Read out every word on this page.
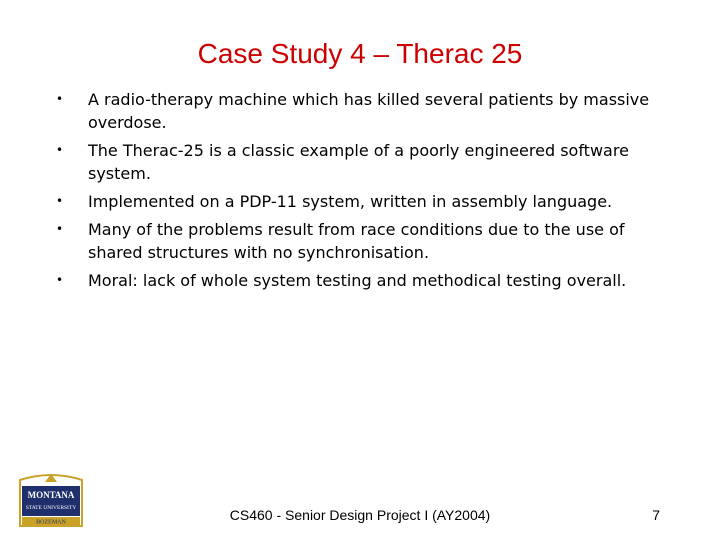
Case Study 4 – Therac 25
•	A radio-therapy machine which has killed several patients by massive overdose.
•	The Therac-25 is a classic example of a poorly engineered software system.
•	Implemented on a PDP-11 system, written in assembly language.
•	Many of the problems result from race conditions due to the use of shared structures with no synchronisation.
•	Moral: lack of whole system testing and methodical testing overall.
MONTANA
STATE UNIVERSITY
BOZEMAN	CS460 - Senior Design Project I (AY2004)	7
